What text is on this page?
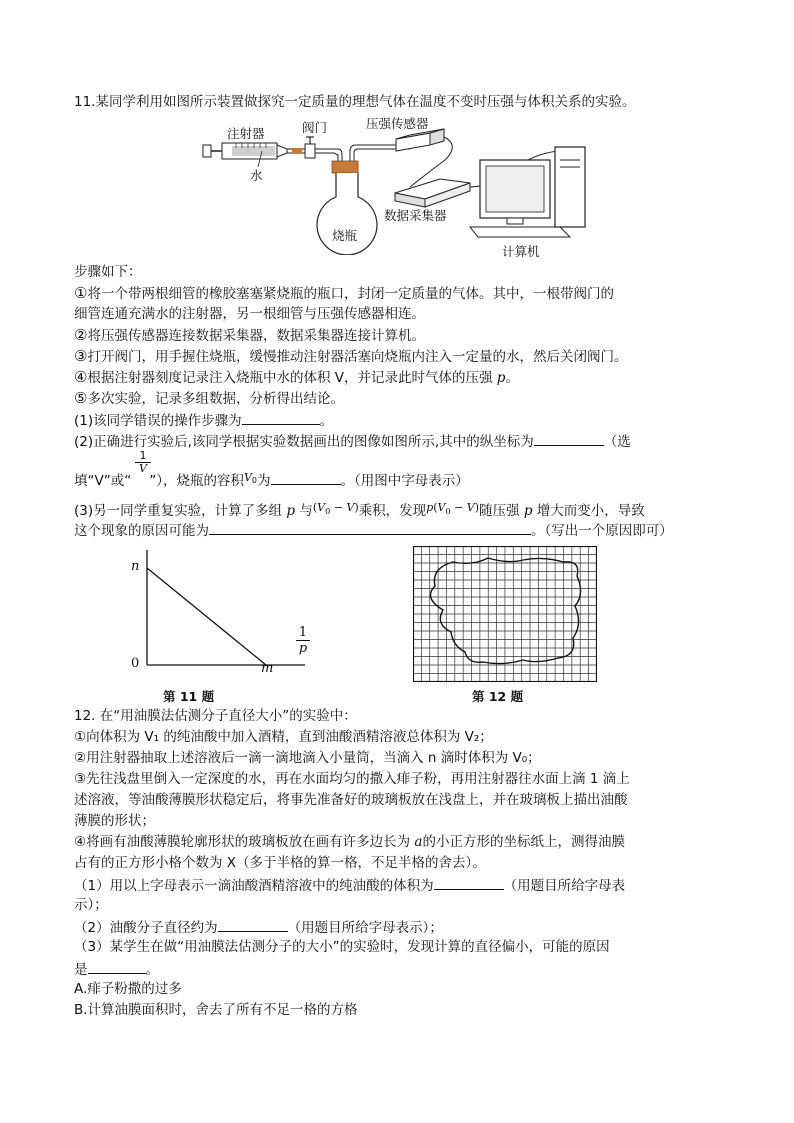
11.某同学利用如图所示装置做探究一定质量的理想气体在温度不变时压强与体积关系的实验。
注射器	阀门	压强传感器
水
烧瓶
数据采集器
计算机
步骤如下：
①将一个带两根细管的橡胶塞塞紧烧瓶的瓶口，封闭一定质量的气体。其中，一根带阀门的
细管连通充满水的注射器，另一根细管与压强传感器相连。
②将压强传感器连接数据采集器，数据采集器连接计算机。
③打开阀门，用手握住烧瓶，缓慢推动注射器活塞向烧瓶内注入一定量的水，然后关闭阀门。
④根据注射器刻度记录注入烧瓶中水的体积 V，并记录此时气体的压强 p。
⑤多次实验，记录多组数据，分析得出结论。
(1)该同学错误的操作步骤为	。
(2)正确进行实验后,该同学根据实验数据画出的图像如图所示,其中的纵坐标为	（选
1
V
填“V”或“ ”），烧瓶的容积$^V$0为	。（用图中字母表示）
(3)另一同学重复实验，计算了多组 p 与$^{(V_0 - V)}$乘积，发现$^{p(V_0 - V)}$随压强 p 增大而变小，导致
这个现象的原因可能为	。（写出一个原因即可）
n
0	m
1
p
第 11 题	第 12 题
12. 在“用油膜法估测分子直径大小”的实验中：
①向体积为 V₁ 的纯油酸中加入酒精，直到油酸酒精溶液总体积为 V₂；
②用注射器抽取上述溶液后一滴一滴地滴入小量筒，当滴入 n 滴时体积为 V₀；
③先往浅盘里倒入一定深度的水，再在水面均匀的撒入痱子粉，再用注射器往水面上滴 1 滴上
述溶液，等油酸薄膜形状稳定后，将事先准备好的玻璃板放在浅盘上，并在玻璃板上描出油酸
薄膜的形状；
④将画有油酸薄膜轮廓形状的玻璃板放在画有许多边长为 a的小正方形的坐标纸上，测得油膜
占有的正方形小格个数为 X（多于半格的算一格，不足半格的舍去）。
（1）用以上字母表示一滴油酸酒精溶液中的纯油酸的体积为	（用题目所给字母表
示）；
（2）油酸分子直径约为	（用题目所给字母表示）；
（3）某学生在做“用油膜法估测分子的大小”的实验时，发现计算的直径偏小，可能的原因
是	。
A.痱子粉撒的过多
B.计算油膜面积时，舍去了所有不足一格的方格
